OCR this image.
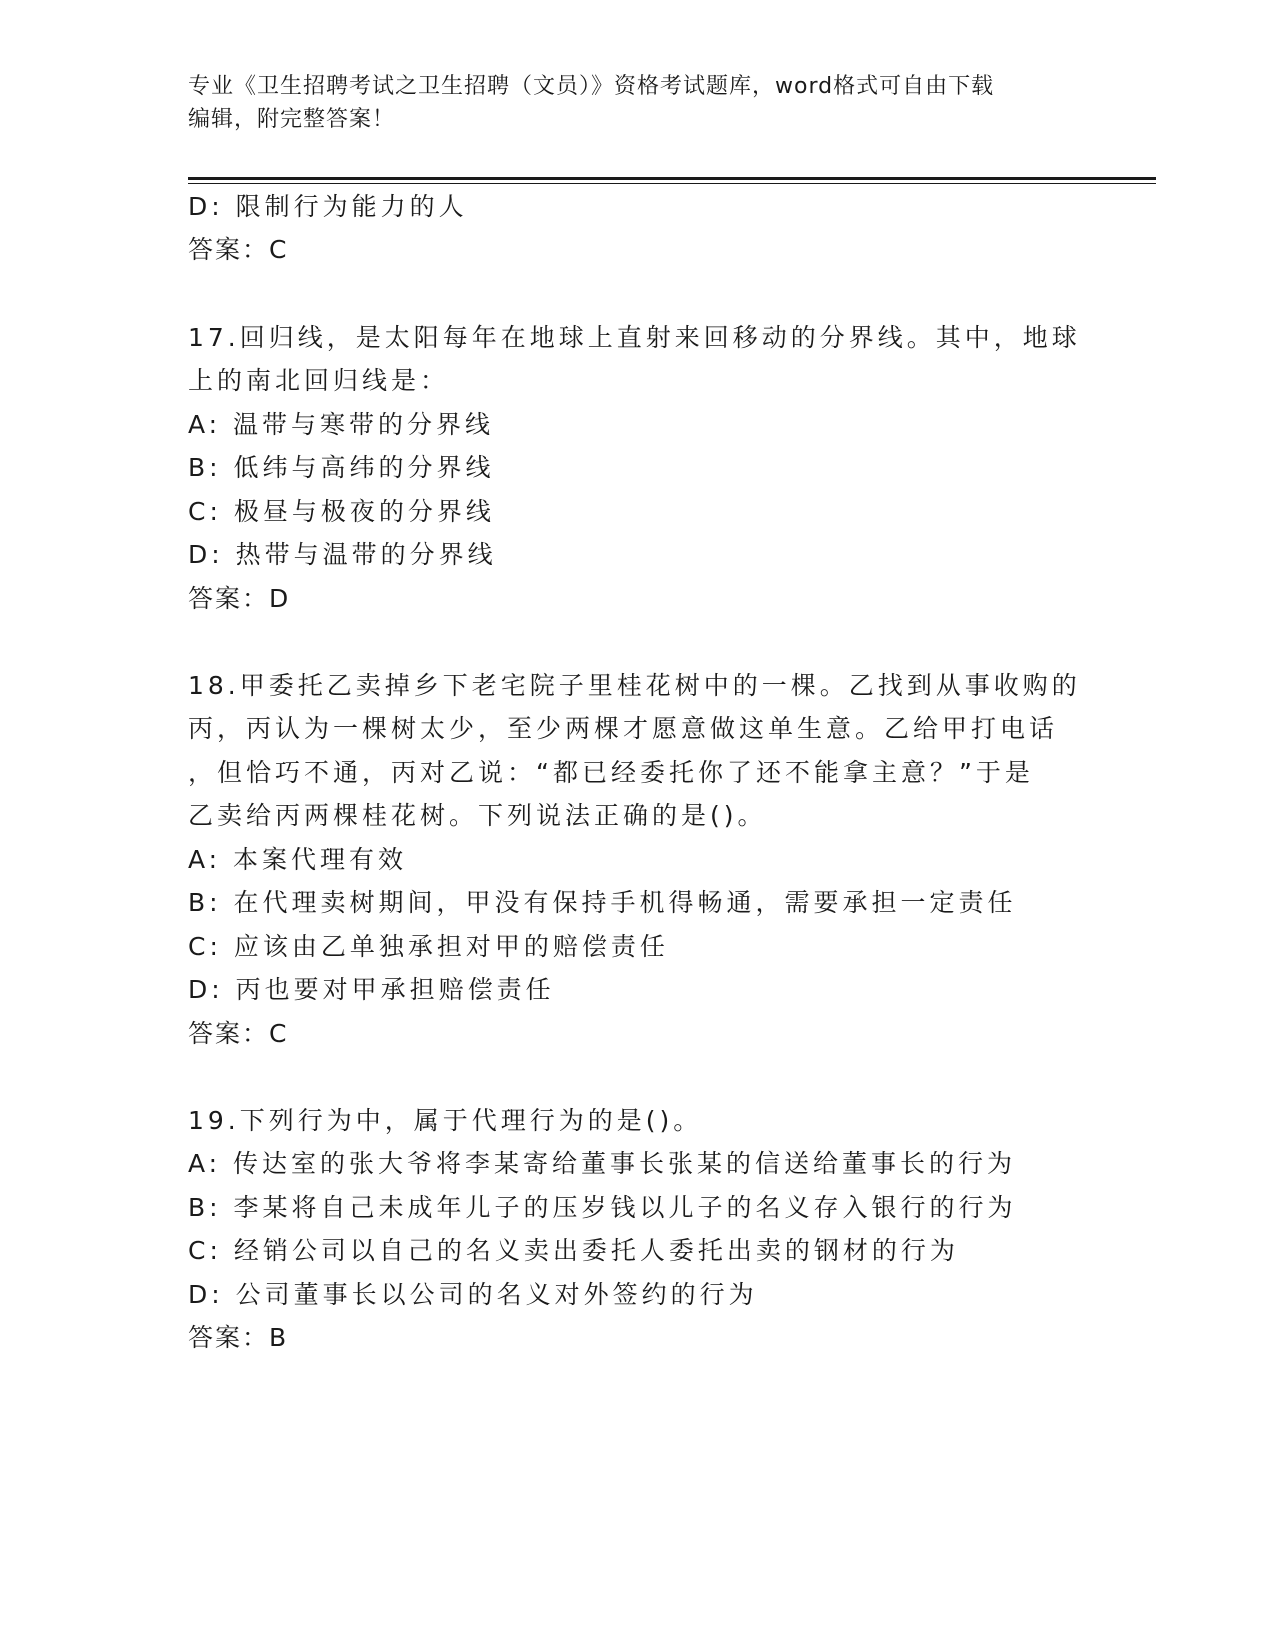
专业《卫生招聘考试之卫生招聘（文员）》资格考试题库，word格式可自由下载
编辑，附完整答案！
D: 限制行为能力的人
答案：C
17.回归线，是太阳每年在地球上直射来回移动的分界线。其中，地球
上的南北回归线是：
A: 温带与寒带的分界线
B: 低纬与高纬的分界线
C: 极昼与极夜的分界线
D: 热带与温带的分界线
答案：D
18.甲委托乙卖掉乡下老宅院子里桂花树中的一棵。乙找到从事收购的
丙，丙认为一棵树太少，至少两棵才愿意做这单生意。乙给甲打电话
，但恰巧不通，丙对乙说：“都已经委托你了还不能拿主意？”于是
乙卖给丙两棵桂花树。下列说法正确的是()。
A: 本案代理有效
B: 在代理卖树期间，甲没有保持手机得畅通，需要承担一定责任
C: 应该由乙单独承担对甲的赔偿责任
D: 丙也要对甲承担赔偿责任
答案：C
19.下列行为中，属于代理行为的是()。
A: 传达室的张大爷将李某寄给董事长张某的信送给董事长的行为
B: 李某将自己未成年儿子的压岁钱以儿子的名义存入银行的行为
C: 经销公司以自己的名义卖出委托人委托出卖的钢材的行为
D: 公司董事长以公司的名义对外签约的行为
答案：B
